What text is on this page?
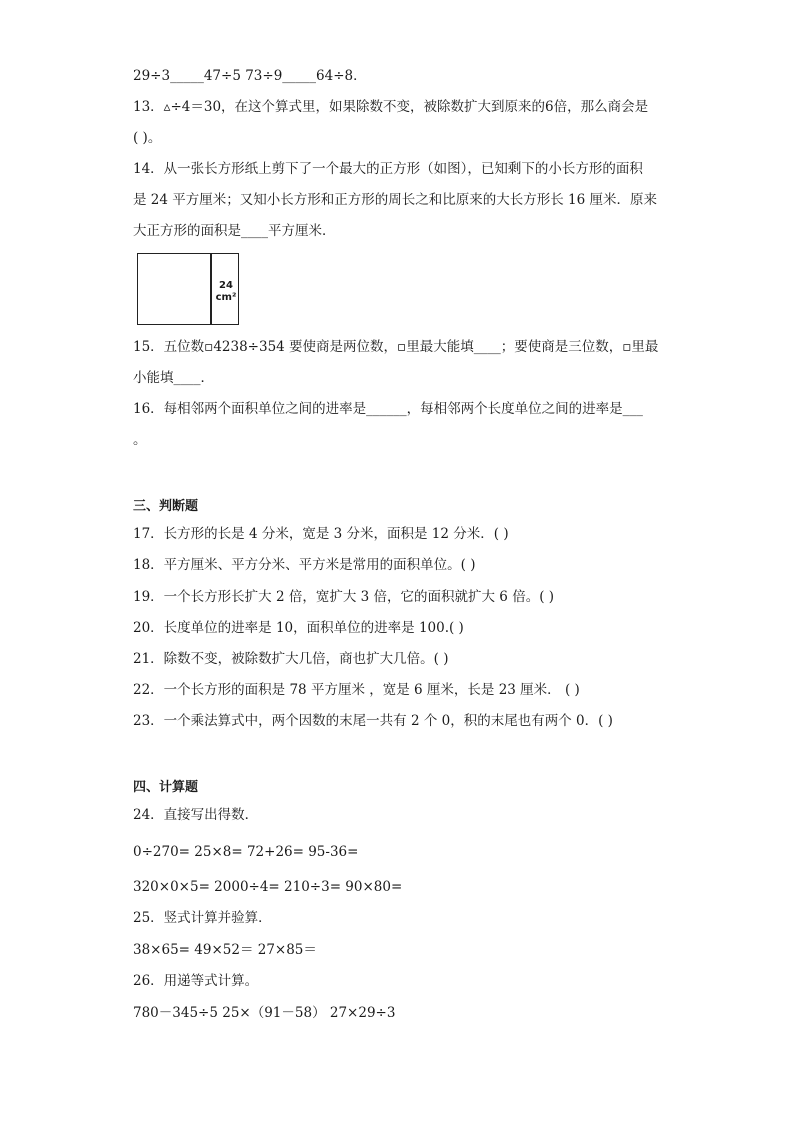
29÷3_____47÷5 73÷9_____64÷8．
13．▵÷4＝30，在这个算式里，如果除数不变，被除数扩大到原来的6倍，那么商会是
( )。
14．从一张长方形纸上剪下了一个最大的正方形（如图），已知剩下的小长方形的面积
是 24 平方厘米；又知小长方形和正方形的周长之和比原来的大长方形长 16 厘米．原来
大正方形的面积是____平方厘米．
24
cm²
15．五位数▫4238÷354 要使商是两位数，▫里最大能填____；要使商是三位数，▫里最
小能填____．
16．每相邻两个面积单位之间的进率是______，每相邻两个长度单位之间的进率是___
。
三、判断题
17．长方形的长是 4 分米，宽是 3 分米，面积是 12 分米．( )
18．平方厘米、平方分米、平方米是常用的面积单位。( )
19．一个长方形长扩大 2 倍，宽扩大 3 倍，它的面积就扩大 6 倍。( )
20．长度单位的进率是 10，面积单位的进率是 100.( )
21．除数不变，被除数扩大几倍，商也扩大几倍。( )
22．一个长方形的面积是 78 平方厘米 ，宽是 6 厘米，长是 23 厘米． ( )
23．一个乘法算式中，两个因数的末尾一共有 2 个 0，积的末尾也有两个 0．( )
四、计算题
24．直接写出得数．
0÷270= 25×8= 72+26= 95-36=
320×0×5= 2000÷4= 210÷3= 90×80=
25．竖式计算并验算．
38×65= 49×52＝ 27×85＝
26．用递等式计算。
780－345÷5 25×（91－58） 27×29÷3
